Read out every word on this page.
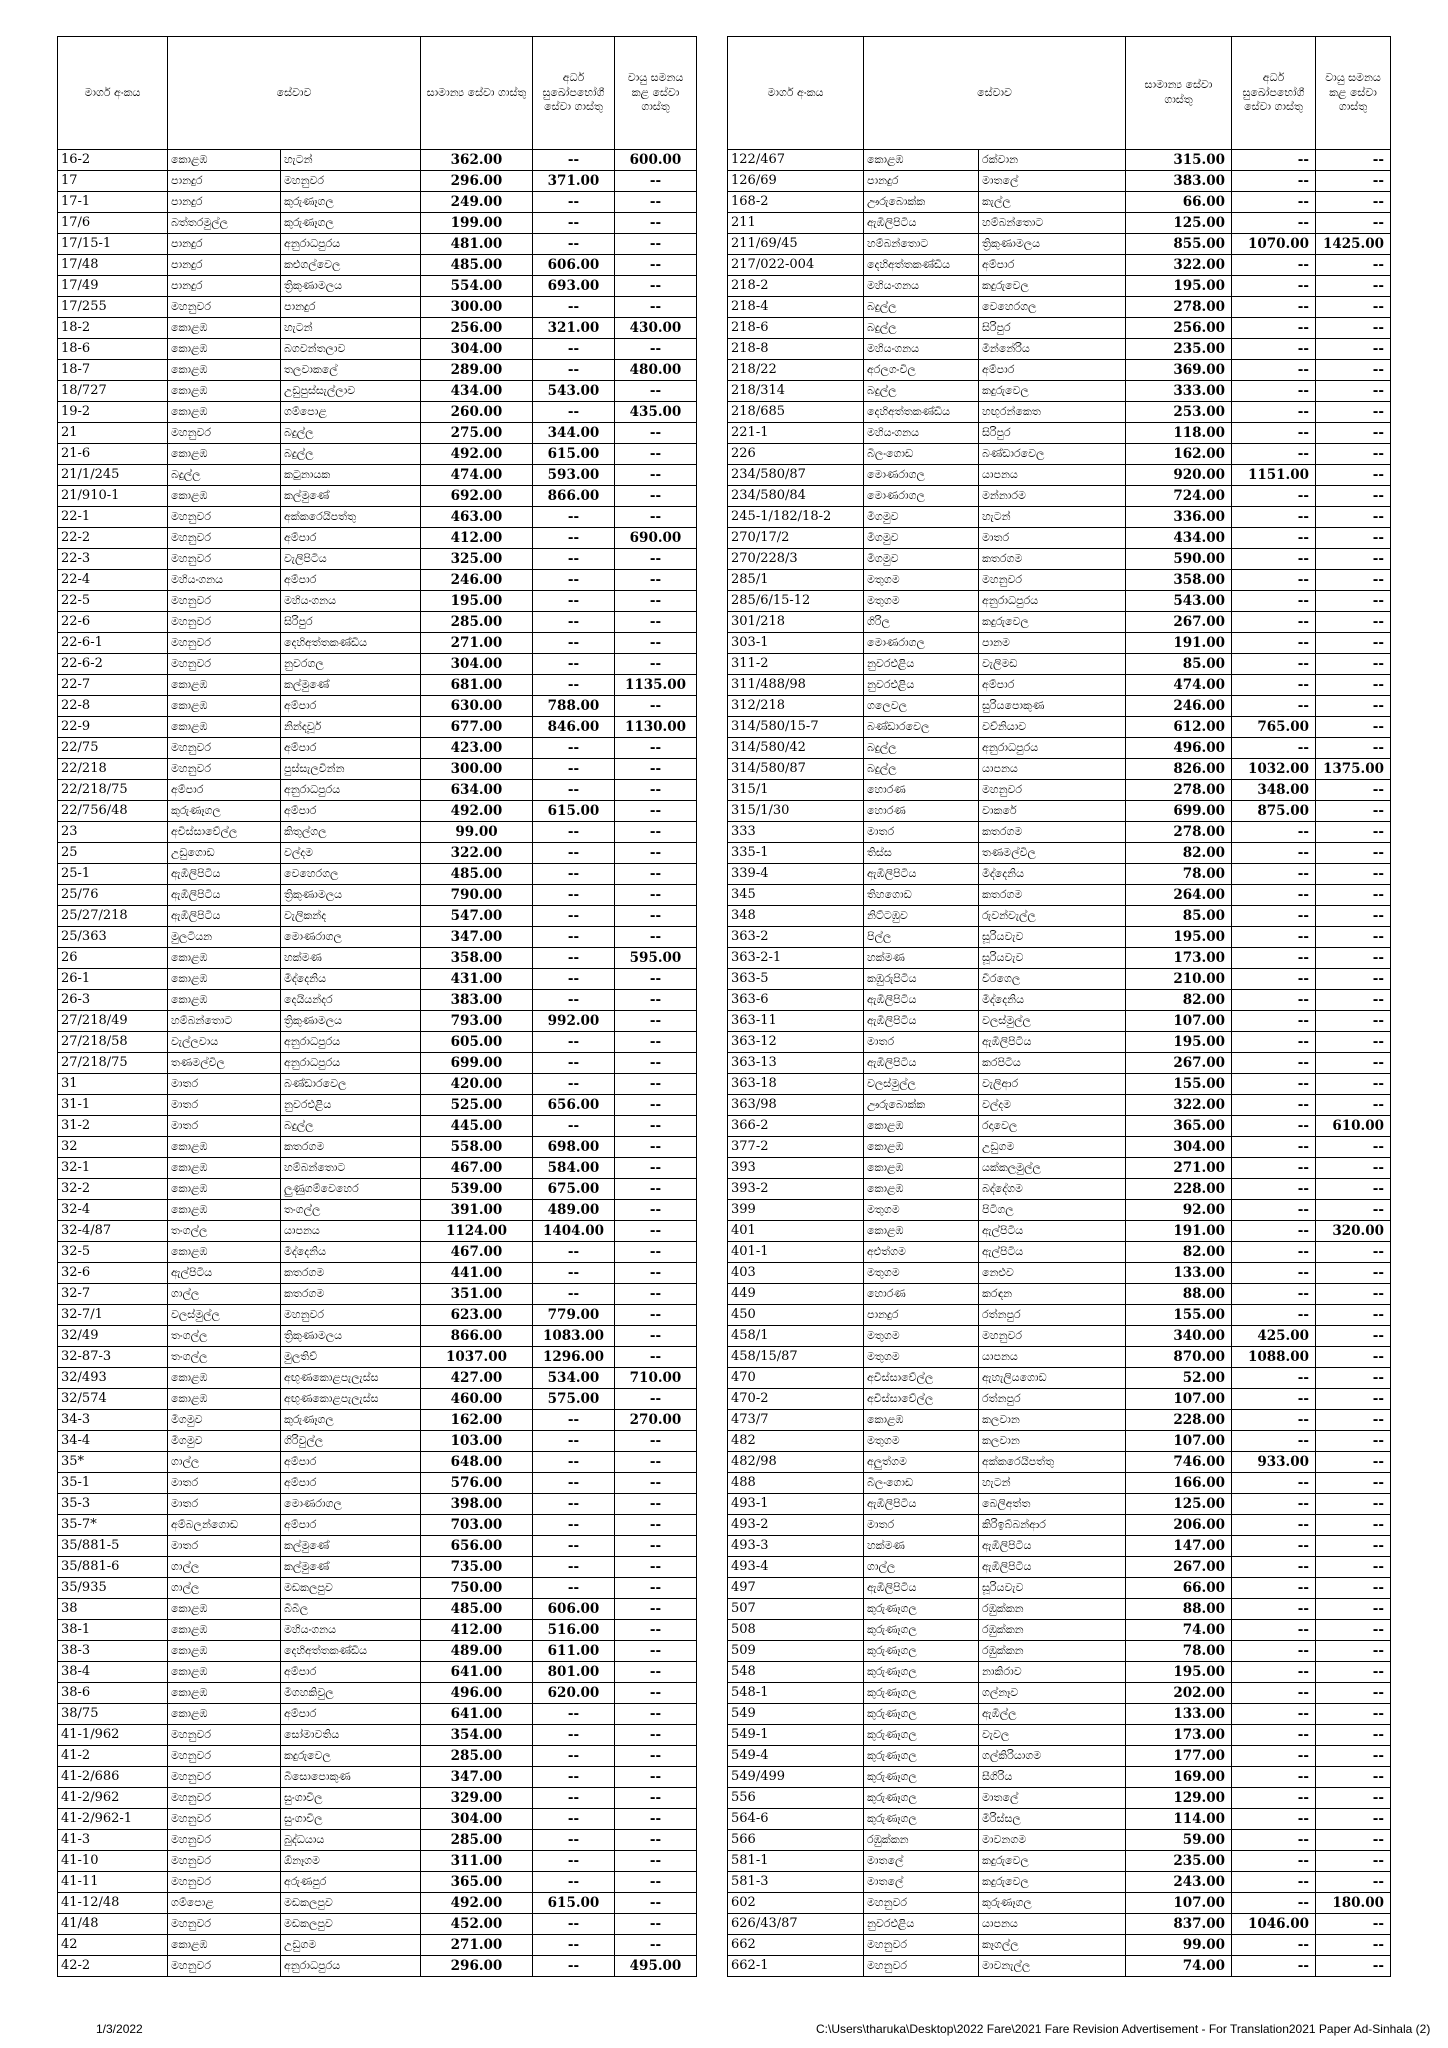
මාර්ග අංකය	සේවාව		සාමාන්‍ය සේවා ගාස්තු	අර්ධ සුඛෝපභෝගී සේවා ගාස්තු	වායු සමනය කළ සේවා ගාස්තු
16-2	කොළඹ	හැටන්	362.00	--	600.00
17	පානදුර	මහනුවර	296.00	371.00	--
17-1	පානදුර	කුරුණෑගල	249.00	--	--
17/6	බත්තරමුල්ල	කුරුණෑගල	199.00	--	--
17/15-1	පානදුර	අනුරාධපුරය	481.00	--	--
17/48	පානදුර	කළුගල්වෙල	485.00	606.00	--
17/49	පානදුර	ත්‍රිකුණාමලය	554.00	693.00	--
17/255	මහනුවර	පානදුර	300.00	--	--
18-2	කොළඹ	හැටන්	256.00	321.00	430.00
18-6	කොළඹ	බගවන්තලාව	304.00	--	--
18-7	කොළඹ	තලවාකලේ	289.00	--	480.00
18/727	කොළඹ	උඩුපුස්සැල්ලාව	434.00	543.00	--
19-2	කොළඹ	ගම්පොළ	260.00	--	435.00
21	මහනුවර	බදුල්ල	275.00	344.00	--
21-6	කොළඹ	බදුල්ල	492.00	615.00	--
21/1/245	බදුල්ල	කටුනායක	474.00	593.00	--
21/910-1	කොළඹ	කල්මුණේ	692.00	866.00	--
22-1	මහනුවර	අක්කරෙයිපත්තු	463.00	--	--
22-2	මහනුවර	අම්පාර	412.00	--	690.00
22-3	මහනුවර	වැලිපිටිය	325.00	--	--
22-4	මහියංගනය	අම්පාර	246.00	--	--
22-5	මහනුවර	මහියංගනය	195.00	--	--
22-6	මහනුවර	සිරිපුර	285.00	--	--
22-6-1	මහනුවර	දෙහිඅත්තකණ්ඩිය	271.00	--	--
22-6-2	මහනුවර	නුවරගල	304.00	--	--
22-7	කොළඹ	කල්මුණේ	681.00	--	1135.00
22-8	කොළඹ	අම්පාර	630.00	788.00	--
22-9	කොළඹ	නින්දවූර්	677.00	846.00	1130.00
22/75	මහනුවර	අම්පාර	423.00	--	--
22/218	මහනුවර	පුස්සැලවින්න	300.00	--	--
22/218/75	අම්පාර	අනුරාධපුරය	634.00	--	--
22/756/48	කුරුණෑගල	අම්පාර	492.00	615.00	--
23	අවිස්සාවේල්ල	කිතුල්ගල	99.00	--	--
25	උඩුගොඩ	වල්දම	322.00	--	--
25-1	ඇඹිලිපිටිය	වෙහෙරගල	485.00	--	--
25/76	ඇඹිලිපිටිය	ත්‍රිකුණාමලය	790.00	--	--
25/27/218	ඇඹිලිපිටිය	වැලිකන්ද	547.00	--	--
25/363	මුලටියන	මොණරාගල	347.00	--	--
26	කොළඹ	හක්මණ	358.00	--	595.00
26-1	කොළඹ	මීද්දෙනිය	431.00	--	--
26-3	කොළඹ	දෙයියන්දර	383.00	--	--
27/218/49	හම්බන්තොට	ත්‍රිකුණාමලය	793.00	992.00	--
27/218/58	වැල්ලවාය	අනුරාධපුරය	605.00	--	--
27/218/75	තණමල්විල	අනුරාධපුරය	699.00	--	--
31	මාතර	බණ්ඩාරවෙල	420.00	--	--
31-1	මාතර	නුවරඑළිය	525.00	656.00	--
31-2	මාතර	බදුල්ල	445.00	--	--
32	කොළඹ	කතරගම	558.00	698.00	--
32-1	කොළඹ	හම්බන්තොට	467.00	584.00	--
32-2	කොළඹ	ලුණුගම්වෙහෙර	539.00	675.00	--
32-4	කොළඹ	තංගල්ල	391.00	489.00	--
32-4/87	තංගල්ල	යාපනය	1124.00	1404.00	--
32-5	කොළඹ	මීද්දෙනිය	467.00	--	--
32-6	ඇල්පිටිය	කතරගම	441.00	--	--
32-7	ගාල්ල	කතරගම	351.00	--	--
32-7/1	වලස්මුල්ල	මහනුවර	623.00	779.00	--
32/49	තංගල්ල	ත්‍රිකුණාමලය	866.00	1083.00	--
32-87-3	තංගල්ල	මුලතිව්	1037.00	1296.00	--
32/493	කොළඹ	අඟුණකොළපැලැස්ස	427.00	534.00	710.00
32/574	කොළඹ	අඟුණකොළපැලැස්ස	460.00	575.00	--
34-3	මීගමුව	කුරුණෑගල	162.00	--	270.00
34-4	මීගමුව	ගිරිවුල්ල	103.00	--	--
35*	ගාල්ල	අම්පාර	648.00	--	--
35-1	මාතර	අම්පාර	576.00	--	--
35-3	මාතර	මොණරාගල	398.00	--	--
35-7*	අම්බලන්ගොඩ	අම්පාර	703.00	--	--
35/881-5	මාතර	කල්මුණේ	656.00	--	--
35/881-6	ගාල්ල	කල්මුණේ	735.00	--	--
35/935	ගාල්ල	මඩකලපුව	750.00	--	--
38	කොළඹ	බිබිල	485.00	606.00	--
38-1	කොළඹ	මහියංගනය	412.00	516.00	--
38-3	කොළඹ	දෙහිඅත්තකණ්ඩිය	489.00	611.00	--
38-4	කොළඹ	අම්පාර	641.00	801.00	--
38-6	කොළඹ	මීගහකිවුල	496.00	620.00	--
38/75	කොළඹ	අම්පාර	641.00	--	--
41-1/962	මහනුවර	සෝමාවතිය	354.00	--	--
41-2	මහනුවර	කදුරුවෙල	285.00	--	--
41-2/686	මහනුවර	බිසොපොකුණ	347.00	--	--
41-2/962	මහනුවර	සුංගාවිල	329.00	--	--
41-2/962-1	මහනුවර	සුංගාවිල	304.00	--	--
41-3	මහනුවර	බුද්ධයාය	285.00	--	--
41-10	මහනුවර	ඕනෑගම	311.00	--	--
41-11	මහනුවර	අරුණපුර	365.00	--	--
41-12/48	ගම්පොළ	මඩකලපුව	492.00	615.00	--
41/48	මහනුවර	මඩකලපුව	452.00	--	--
42	කොළඹ	උඩුගම	271.00	--	--
42-2	මහනුවර	අනුරාධපුරය	296.00	--	495.00
මාර්ග අංකය	සේවාව		සාමාන්‍ය සේවා ගාස්තු	අර්ධ සුඛෝපභෝගී සේවා ගාස්තු	වායු සමනය කළ සේවා ගාස්තු
122/467	කොළඹ	රක්වාන	315.00	--	--
126/69	පානදුර	මාතලේ	383.00	--	--
168-2	ඌරුබොක්ක	කැල්ල	66.00	--	--
211	ඇඹිලිපිටිය	හම්බන්තොට	125.00	--	--
211/69/45	හම්බන්තොට	ත්‍රිකුණාමලය	855.00	1070.00	1425.00
217/022-004	දෙහිඅත්තකණ්ඩිය	අම්පාර	322.00	--	--
218-2	මහියංගනය	කදුරුවෙල	195.00	--	--
218-4	බදුල්ල	වෙහෙරගල	278.00	--	--
218-6	බදුල්ල	සිරිපුර	256.00	--	--
218-8	මහියංගනය	මින්නේරිය	235.00	--	--
218/22	අරලගංවිල	අම්පාර	369.00	--	--
218/314	බදුල්ල	කදුරුවෙල	333.00	--	--
218/685	දෙහිඅත්තකණ්ඩිය	හඟුරන්කෙත	253.00	--	--
221-1	මහියංගනය	සිරිපුර	118.00	--	--
226	බිලංගොඩ	බණ්ඩාරවෙල	162.00	--	--
234/580/87	මොණරාගල	යාපනය	920.00	1151.00	--
234/580/84	මොණරාගල	මන්නාරම	724.00	--	--
245-1/182/18-2	මීගමුව	හැටන්	336.00	--	--
270/17/2	මීගමුව	මාතර	434.00	--	--
270/228/3	මීගමුව	කතරගම	590.00	--	--
285/1	මතුගම	මහනුවර	358.00	--	--
285/6/15-12	මතුගම	අනුරාධපුරය	543.00	--	--
301/218	ගිරිල	කදුරුවෙල	267.00	--	--
303-1	මොණරාගල	පානම	191.00	--	--
311-2	නුවරඑළිය	වැලිමඩ	85.00	--	--
311/488/98	නුවරඑළිය	අම්පාර	474.00	--	--
312/218	ගලෙවල	සුරියපොකුණ	246.00	--	--
314/580/15-7	බණ්ඩාරවෙල	වව්නියාව	612.00	765.00	--
314/580/42	බදුල්ල	අනුරාධපුරය	496.00	--	--
314/580/87	බදුල්ල	යාපනය	826.00	1032.00	1375.00
315/1	හොරණ	මහනුවර	278.00	348.00	--
315/1/30	හොරණ	වාකරේ	699.00	875.00	--
333	මාතර	කතරගම	278.00	--	--
335-1	තිස්ස	තණමල්විල	82.00	--	--
339-4	ඇඹිලිපිටිය	මීද්දෙනිය	78.00	--	--
345	තිහගොඩ	කතරගම	264.00	--	--
348	නිට්ටඹුව	රුවන්වැල්ල	85.00	--	--
363-2	පිල්ල	සූරියවැව	195.00	--	--
363-2-1	හක්මණ	සූරියවැව	173.00	--	--
363-5	කඹුරුපිටිය	වීරගෙල	210.00	--	--
363-6	ඇඹිලිපිටිය	මීද්දෙනිය	82.00	--	--
363-11	ඇඹිලිපිටිය	වලස්මුල්ල	107.00	--	--
363-12	මාතර	ඇඹිලිපිටිය	195.00	--	--
363-13	ඇඹිලිපිටිය	කරපිටිය	267.00	--	--
363-18	වලස්මුල්ල	වැලිආර	155.00	--	--
363/98	ඌරුබොක්ක	වල්දම	322.00	--	--
366-2	කොළඹ	රදාවෙල	365.00	--	610.00
377-2	කොළඹ	උඩුගම	304.00	--	--
393	කොළඹ	යක්කලමුල්ල	271.00	--	--
393-2	කොළඹ	බද්දේගම	228.00	--	--
399	මතුගම	පිටිගල	92.00	--	--
401	කොළඹ	ඇල්පිටිය	191.00	--	320.00
401-1	අළුත්ගම	ඇල්පිටිය	82.00	--	--
403	මතුගම	නෙළුව	133.00	--	--
449	හොරණ	කරඳන	88.00	--	--
450	පානදුර	රත්නපුර	155.00	--	--
458/1	මතුගම	මහනුවර	340.00	425.00	--
458/15/87	මතුගම	යාපනය	870.00	1088.00	--
470	අවිස්සාවේල්ල	ඇහැලියගොඩ	52.00	--	--
470-2	අවිස්සාවේල්ල	රත්නපුර	107.00	--	--
473/7	කොළඹ	කලවාන	228.00	--	--
482	මතුගම	කලවාන	107.00	--	--
482/98	අලුත්ගම	අක්කරෙයිපත්තු	746.00	933.00	--
488	බිලංගොඩ	හැටන්	166.00	--	--
493-1	ඇඹිලිපිටිය	බෙලිඅත්ත	125.00	--	--
493-2	මාතර	කිරිඉබ්බන්ආර	206.00	--	--
493-3	හක්මණ	ඇඹිලිපිටිය	147.00	--	--
493-4	ගාල්ල	ඇඹිලිපිටිය	267.00	--	--
497	ඇඹිලිපිටිය	සූරියවැව	66.00	--	--
507	කුරුණෑගල	රඹුක්කන	88.00	--	--
508	කුරුණෑගල	රඹුක්කන	74.00	--	--
509	කුරුණෑගල	රඹුක්කන	78.00	--	--
548	කුරුණෑගල	නාකිරාව	195.00	--	--
548-1	කුරුණෑගල	ගල්නෑව	202.00	--	--
549	කුරුණෑගල	ඇඹිල්ල	133.00	--	--
549-1	කුරුණෑගල	වැවල	173.00	--	--
549-4	කුරුණෑගල	ගල්කිරියාගම	177.00	--	--
549/499	කුරුණෑගල	සීගිරිය	169.00	--	--
556	කුරුණෑගල	මාතලේ	129.00	--	--
564-6	කුරුණෑගල	මීරිස්සල	114.00	--	--
566	රඹුක්කන	මාවනගම	59.00	--	--
581-1	මාතලේ	කදුරුවෙල	235.00	--	--
581-3	මාතලේ	කදුරුවෙල	243.00	--	--
602	මහනුවර	කුරුණෑගල	107.00	--	180.00
626/43/87	නුවරඑළිය	යාපනය	837.00	1046.00	--
662	මහනුවර	කෑගල්ල	99.00	--	--
662-1	මහනුවර	මාවනැල්ල	74.00	--	--
1/3/2022	C:\Users\tharuka\Desktop\2022 Fare\2021 Fare Revision Advertisement - For Translation2021 Paper Ad-Sinhala (2)
